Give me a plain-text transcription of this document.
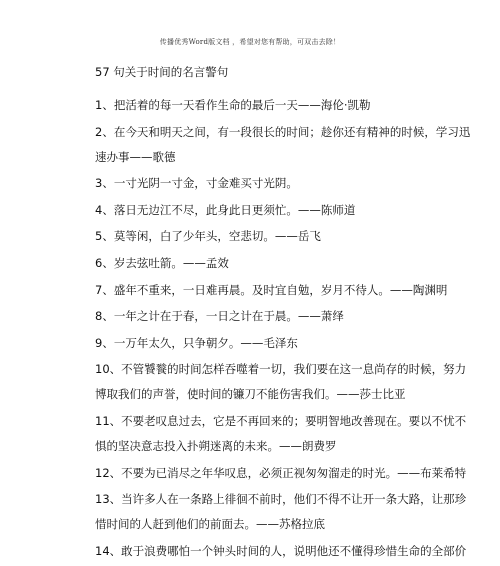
传播优秀Word版文档 ，希望对您有帮助，可双击去除！
57 句关于时间的名言警句
1、把活着的每一天看作生命的最后一天——海伦·凯勒
2、在今天和明天之间，有一段很长的时间；趁你还有精神的时候，学习迅
速办事——歌德
3、一寸光阴一寸金，寸金难买寸光阴。
4、落日无边江不尽，此身此日更须忙。——陈师道
5、莫等闲，白了少年头，空悲切。——岳飞
6、岁去弦吐箭。——孟效
7、盛年不重来，一日难再晨。及时宜自勉，岁月不待人。——陶渊明
8、一年之计在于春，一日之计在于晨。——萧绎
9、一万年太久，只争朝夕。——毛泽东
10、不管饕餮的时间怎样吞噬着一切，我们要在这一息尚存的时候，努力
博取我们的声誉，使时间的镰刀不能伤害我们。——莎士比亚
11、不要老叹息过去，它是不再回来的；要明智地改善现在。要以不忧不
惧的坚决意志投入扑朔迷离的未来。——朗费罗
12、不要为已消尽之年华叹息，必须正视匆匆溜走的时光。——布莱希特
13、当许多人在一条路上徘徊不前时，他们不得不让开一条大路，让那珍
惜时间的人赶到他们的前面去。——苏格拉底
14、敢于浪费哪怕一个钟头时间的人，说明他还不懂得珍惜生命的全部价
